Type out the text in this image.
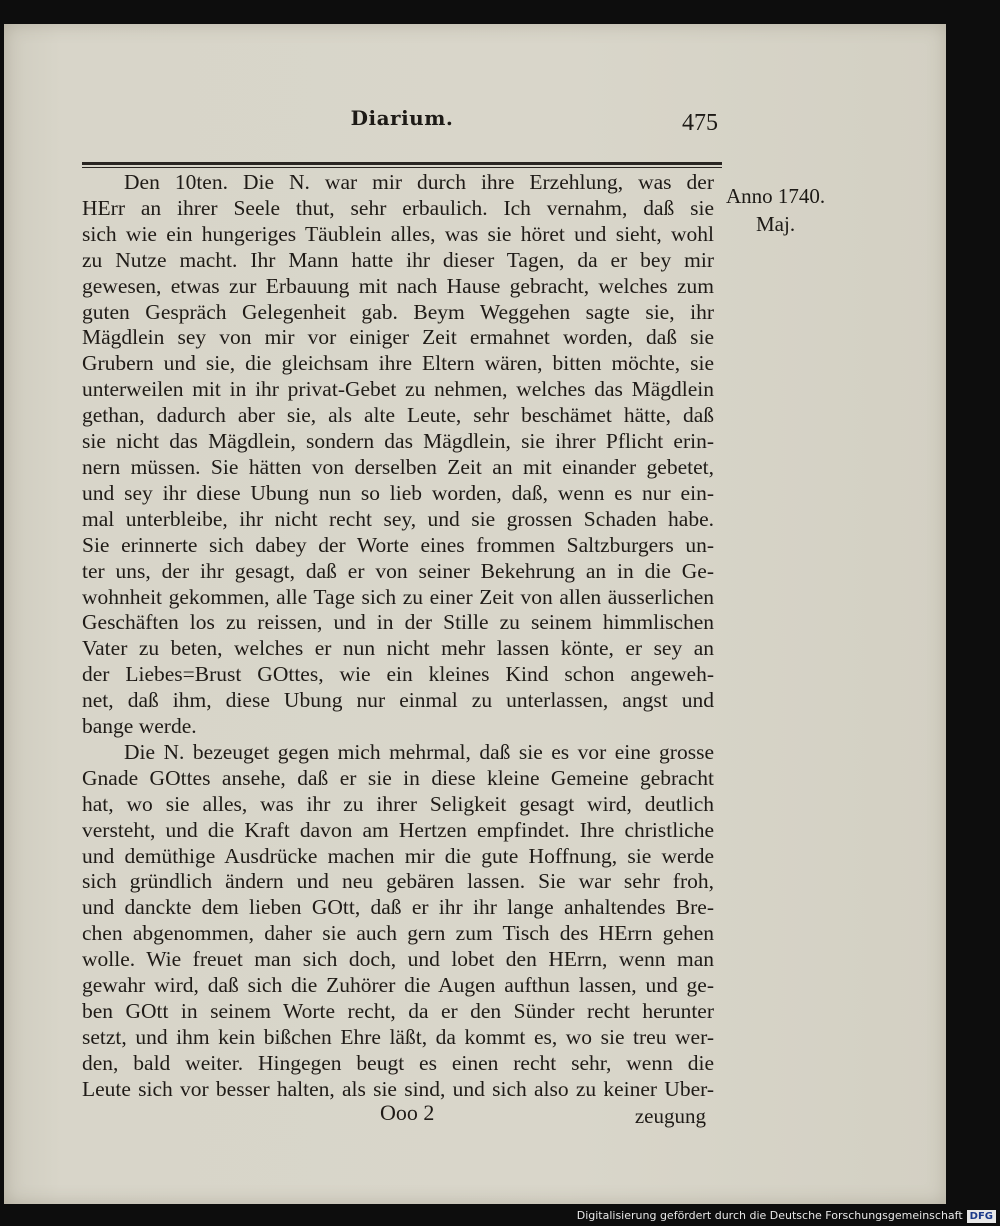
Diarium.	475
Anno 1740.
Maj.
Den 10ten. Die N. war mir durch ihre Erzehlung, was der
HErr an ihrer Seele thut, sehr erbaulich. Ich vernahm, daß sie
sich wie ein hungeriges Täublein alles, was sie höret und sieht, wohl
zu Nutze macht. Ihr Mann hatte ihr dieser Tagen, da er bey mir
gewesen, etwas zur Erbauung mit nach Hause gebracht, welches zum
guten Gespräch Gelegenheit gab. Beym Weggehen sagte sie, ihr
Mägdlein sey von mir vor einiger Zeit ermahnet worden, daß sie
Grubern und sie, die gleichsam ihre Eltern wären, bitten möchte, sie
unterweilen mit in ihr privat-Gebet zu nehmen, welches das Mägdlein
gethan, dadurch aber sie, als alte Leute, sehr beschämet hätte, daß
sie nicht das Mägdlein, sondern das Mägdlein, sie ihrer Pflicht erin-
nern müssen. Sie hätten von derselben Zeit an mit einander gebetet,
und sey ihr diese Ubung nun so lieb worden, daß, wenn es nur ein-
mal unterbleibe, ihr nicht recht sey, und sie grossen Schaden habe.
Sie erinnerte sich dabey der Worte eines frommen Saltzburgers un-
ter uns, der ihr gesagt, daß er von seiner Bekehrung an in die Ge-
wohnheit gekommen, alle Tage sich zu einer Zeit von allen äusserlichen
Geschäften los zu reissen, und in der Stille zu seinem himmlischen
Vater zu beten, welches er nun nicht mehr lassen könte, er sey an
der Liebes=Brust GOttes, wie ein kleines Kind schon angeweh-
net, daß ihm, diese Ubung nur einmal zu unterlassen, angst und
bange werde.
Die N. bezeuget gegen mich mehrmal, daß sie es vor eine grosse
Gnade GOttes ansehe, daß er sie in diese kleine Gemeine gebracht
hat, wo sie alles, was ihr zu ihrer Seligkeit gesagt wird, deutlich
versteht, und die Kraft davon am Hertzen empfindet. Ihre christliche
und demüthige Ausdrücke machen mir die gute Hoffnung, sie werde
sich gründlich ändern und neu gebären lassen. Sie war sehr froh,
und danckte dem lieben GOtt, daß er ihr ihr lange anhaltendes Bre-
chen abgenommen, daher sie auch gern zum Tisch des HErrn gehen
wolle. Wie freuet man sich doch, und lobet den HErrn, wenn man
gewahr wird, daß sich die Zuhörer die Augen aufthun lassen, und ge-
ben GOtt in seinem Worte recht, da er den Sünder recht herunter
setzt, und ihm kein bißchen Ehre läßt, da kommt es, wo sie treu wer-
den, bald weiter. Hingegen beugt es einen recht sehr, wenn die
Leute sich vor besser halten, als sie sind, und sich also zu keiner Uber-
Ooo 2	zeugung
Digitalisierung gefördert durch die Deutsche Forschungsgemeinschaft DFG
